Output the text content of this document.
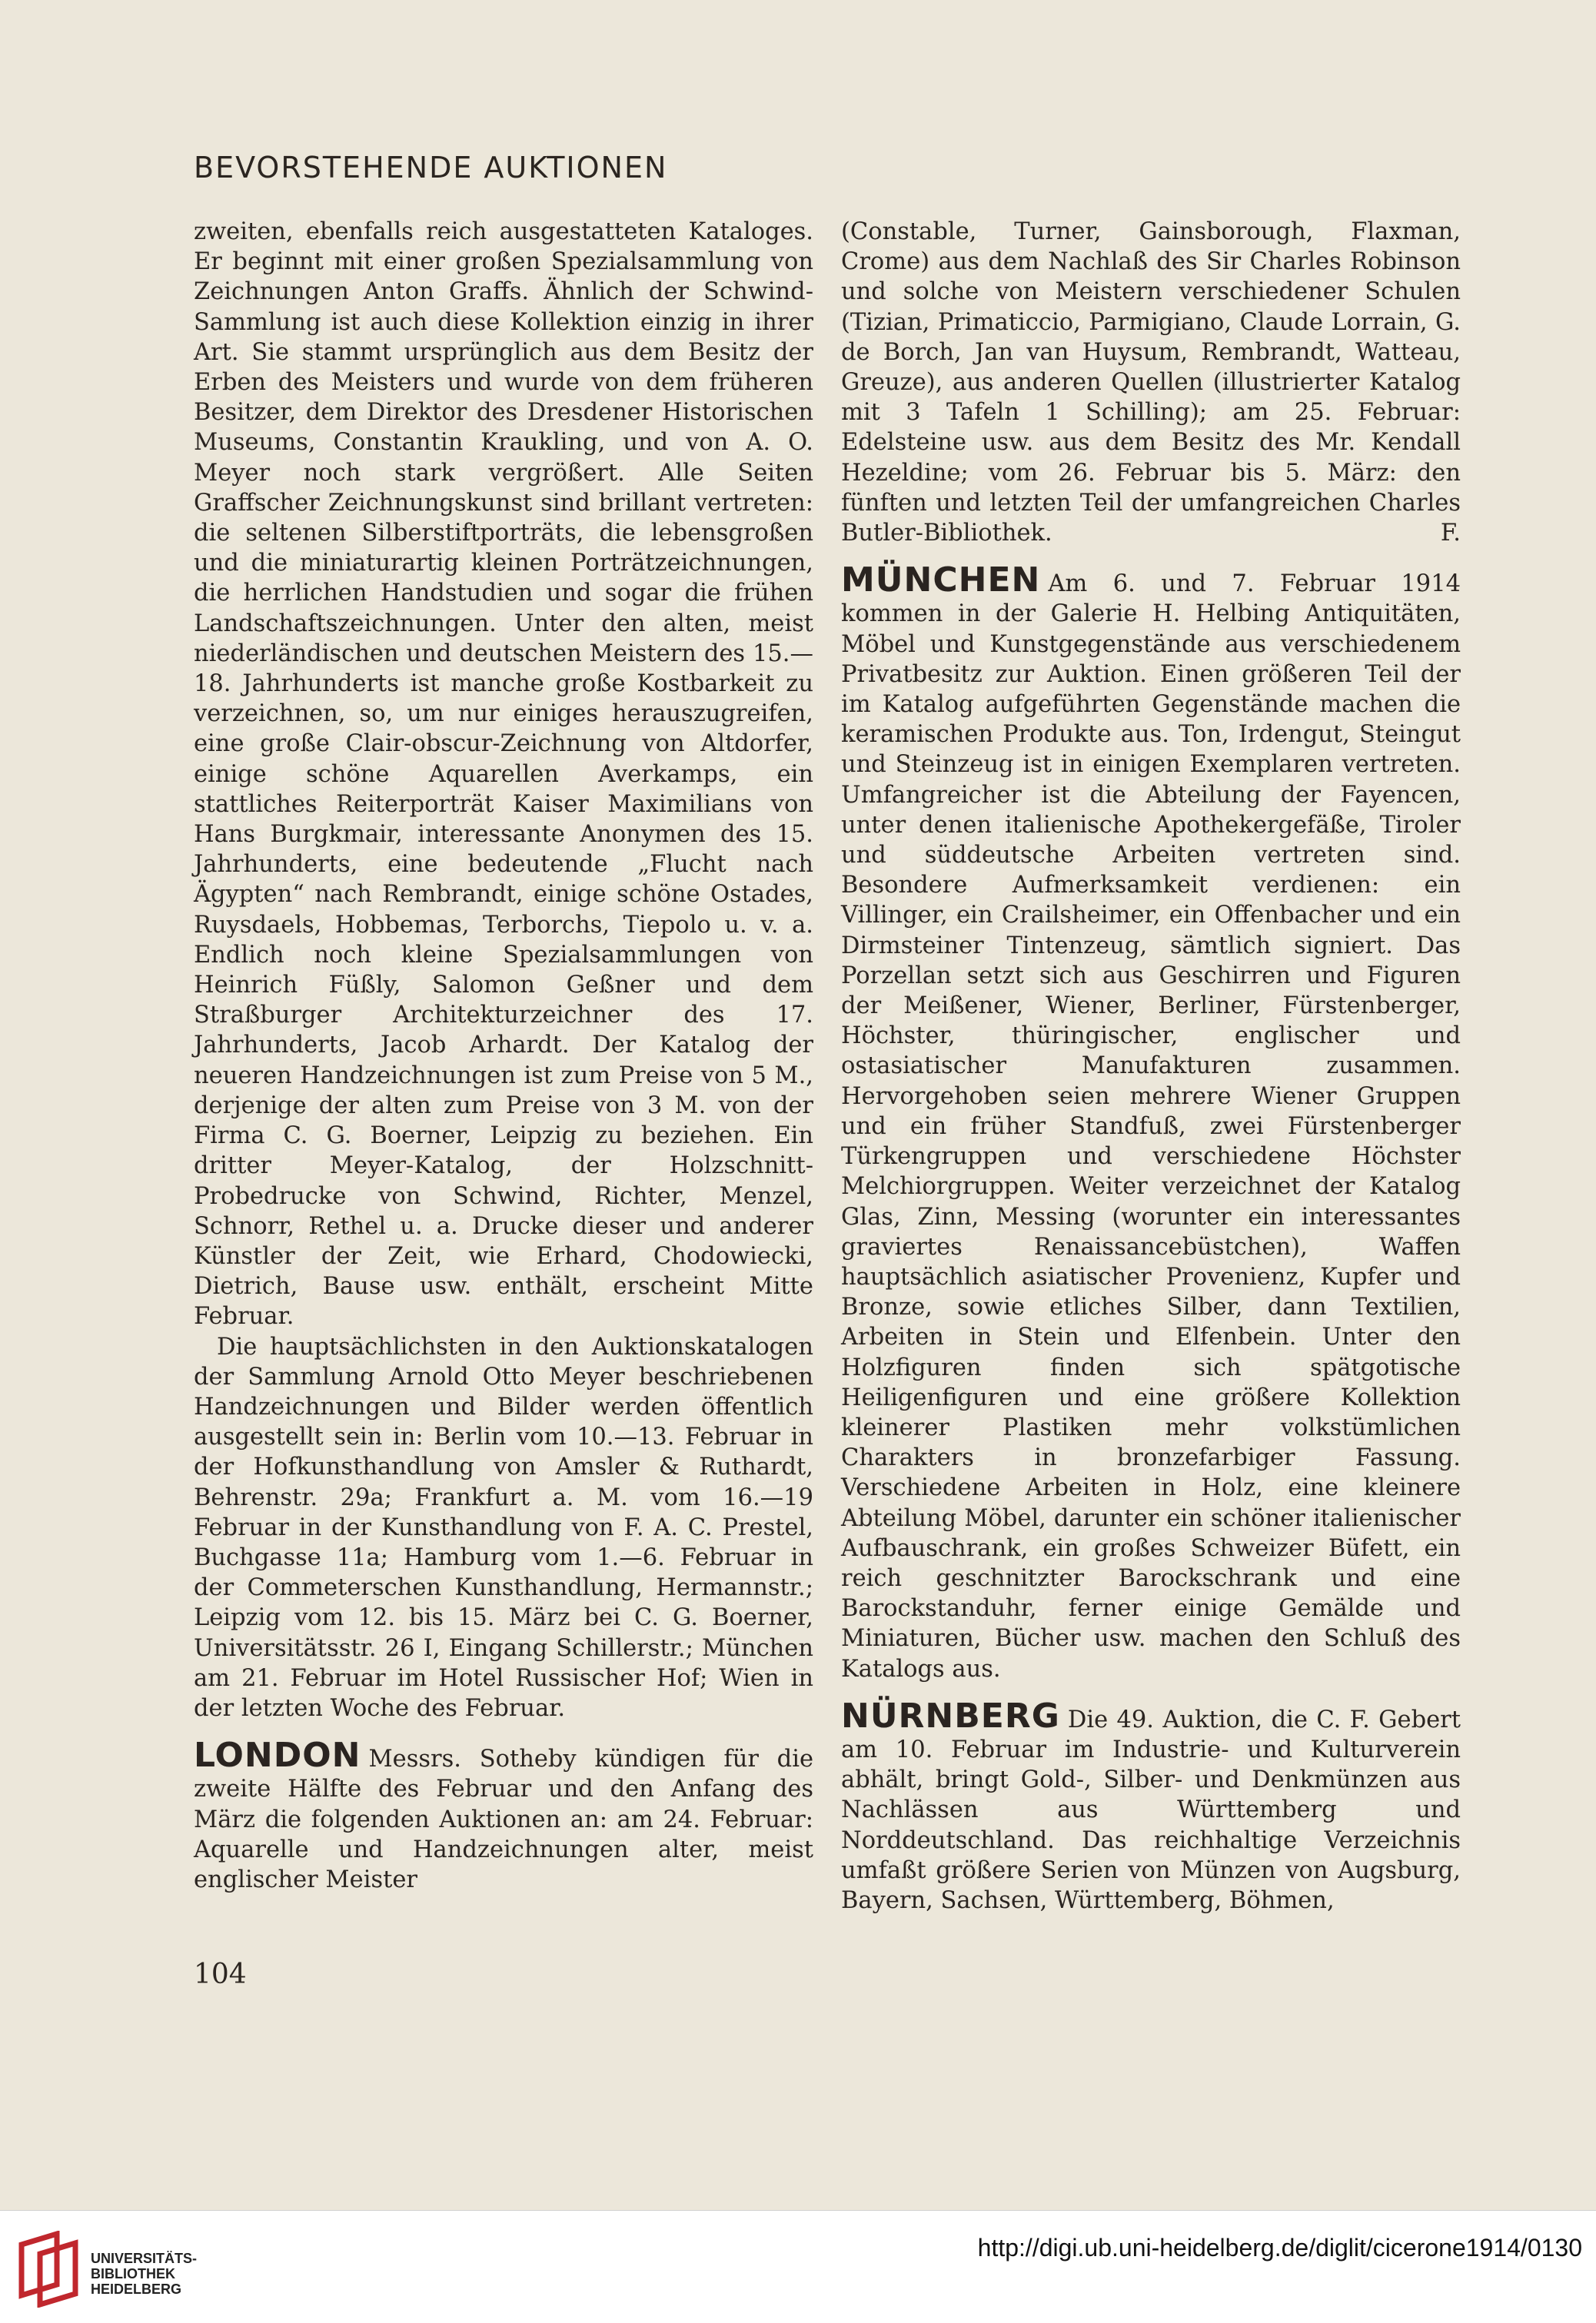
BEVORSTEHENDE AUKTIONEN

zweiten, ebenfalls reich ausgestatteten Kataloges. Er beginnt mit einer großen Spezialsammlung von Zeichnungen Anton Graffs. Ähnlich der Schwind-Sammlung ist auch diese Kollektion einzig in ihrer Art. Sie stammt ursprünglich aus dem Besitz der Erben des Meisters und wurde von dem früheren Besitzer, dem Direktor des Dresdener Historischen Museums, Constantin Kraukling, und von A. O. Meyer noch stark vergrößert. Alle Seiten Graffscher Zeichnungskunst sind brillant vertreten: die seltenen Silberstiftporträts, die lebensgroßen und die miniaturartig kleinen Porträtzeichnungen, die herrlichen Handstudien und sogar die frühen Landschaftszeichnungen. Unter den alten, meist niederländischen und deutschen Meistern des 15.—18. Jahrhunderts ist manche große Kostbarkeit zu verzeichnen, so, um nur einiges herauszugreifen, eine große Clair-obscur-Zeichnung von Altdorfer, einige schöne Aquarellen Averkamps, ein stattliches Reiterporträt Kaiser Maximilians von Hans Burgkmair, interessante Anonymen des 15. Jahrhunderts, eine bedeutende „Flucht nach Ägypten“ nach Rembrandt, einige schöne Ostades, Ruysdaels, Hobbemas, Terborchs, Tiepolo u. v. a. Endlich noch kleine Spezialsammlungen von Heinrich Füßly, Salomon Geßner und dem Straßburger Architekturzeichner des 17. Jahrhunderts, Jacob Arhardt. Der Katalog der neueren Handzeichnungen ist zum Preise von 5 M., derjenige der alten zum Preise von 3 M. von der Firma C. G. Boerner, Leipzig zu beziehen. Ein dritter Meyer-Katalog, der Holzschnitt-Probedrucke von Schwind, Richter, Menzel, Schnorr, Rethel u. a. Drucke dieser und anderer Künstler der Zeit, wie Erhard, Chodowiecki, Dietrich, Bause usw. enthält, erscheint Mitte Februar.

Die hauptsächlichsten in den Auktionskatalogen der Sammlung Arnold Otto Meyer beschriebenen Handzeichnungen und Bilder werden öffentlich ausgestellt sein in: Berlin vom 10.—13. Februar in der Hofkunsthandlung von Amsler & Ruthardt, Behrenstr. 29a; Frankfurt a. M. vom 16.—19 Februar in der Kunsthandlung von F. A. C. Prestel, Buchgasse 11a; Hamburg vom 1.—6. Februar in der Commeterschen Kunsthandlung, Hermannstr.; Leipzig vom 12. bis 15. März bei C. G. Boerner, Universitätsstr. 26 I, Eingang Schillerstr.; München am 21. Februar im Hotel Russischer Hof; Wien in der letzten Woche des Februar.

LONDON Messrs. Sotheby kündigen für die zweite Hälfte des Februar und den Anfang des März die folgenden Auktionen an: am 24. Februar: Aquarelle und Handzeichnungen alter, meist englischer Meister

(Constable, Turner, Gainsborough, Flaxman, Crome) aus dem Nachlaß des Sir Charles Robinson und solche von Meistern verschiedener Schulen (Tizian, Primaticcio, Parmigiano, Claude Lorrain, G. de Borch, Jan van Huysum, Rembrandt, Watteau, Greuze), aus anderen Quellen (illustrierter Katalog mit 3 Tafeln 1 Schilling); am 25. Februar: Edelsteine usw. aus dem Besitz des Mr. Kendall Hezeldine; vom 26. Februar bis 5. März: den fünften und letzten Teil der umfangreichen Charles Butler-Bibliothek.	F.

MÜNCHEN Am 6. und 7. Februar 1914 kommen in der Galerie H. Helbing Antiquitäten, Möbel und Kunstgegenstände aus verschiedenem Privatbesitz zur Auktion. Einen größeren Teil der im Katalog aufgeführten Gegenstände machen die keramischen Produkte aus. Ton, Irdengut, Steingut und Steinzeug ist in einigen Exemplaren vertreten. Umfangreicher ist die Abteilung der Fayencen, unter denen italienische Apothekergefäße, Tiroler und süddeutsche Arbeiten vertreten sind. Besondere Aufmerksamkeit verdienen: ein Villinger, ein Crailsheimer, ein Offenbacher und ein Dirmsteiner Tintenzeug, sämtlich signiert. Das Porzellan setzt sich aus Geschirren und Figuren der Meißener, Wiener, Berliner, Fürstenberger, Höchster, thüringischer, englischer und ostasiatischer Manufakturen zusammen. Hervorgehoben seien mehrere Wiener Gruppen und ein früher Standfuß, zwei Fürstenberger Türkengruppen und verschiedene Höchster Melchiorgruppen. Weiter verzeichnet der Katalog Glas, Zinn, Messing (worunter ein interessantes graviertes Renaissancebüstchen), Waffen hauptsächlich asiatischer Provenienz, Kupfer und Bronze, sowie etliches Silber, dann Textilien, Arbeiten in Stein und Elfenbein. Unter den Holzfiguren finden sich spätgotische Heiligenfiguren und eine größere Kollektion kleinerer Plastiken mehr volkstümlichen Charakters in bronzefarbiger Fassung. Verschiedene Arbeiten in Holz, eine kleinere Abteilung Möbel, darunter ein schöner italienischer Aufbauschrank, ein großes Schweizer Büfett, ein reich geschnitzter Barockschrank und eine Barockstanduhr, ferner einige Gemälde und Miniaturen, Bücher usw. machen den Schluß des Katalogs aus.

NÜRNBERG Die 49. Auktion, die C. F. Gebert am 10. Februar im Industrie- und Kulturverein abhält, bringt Gold-, Silber- und Denkmünzen aus Nachlässen aus Württemberg und Norddeutschland. Das reichhaltige Verzeichnis umfaßt größere Serien von Münzen von Augsburg, Bayern, Sachsen, Württemberg, Böhmen,

104
UNIVERSITÄTS-
BIBLIOTHEK
HEIDELBERG
http://digi.ub.uni-heidelberg.de/diglit/cicerone1914/0130
